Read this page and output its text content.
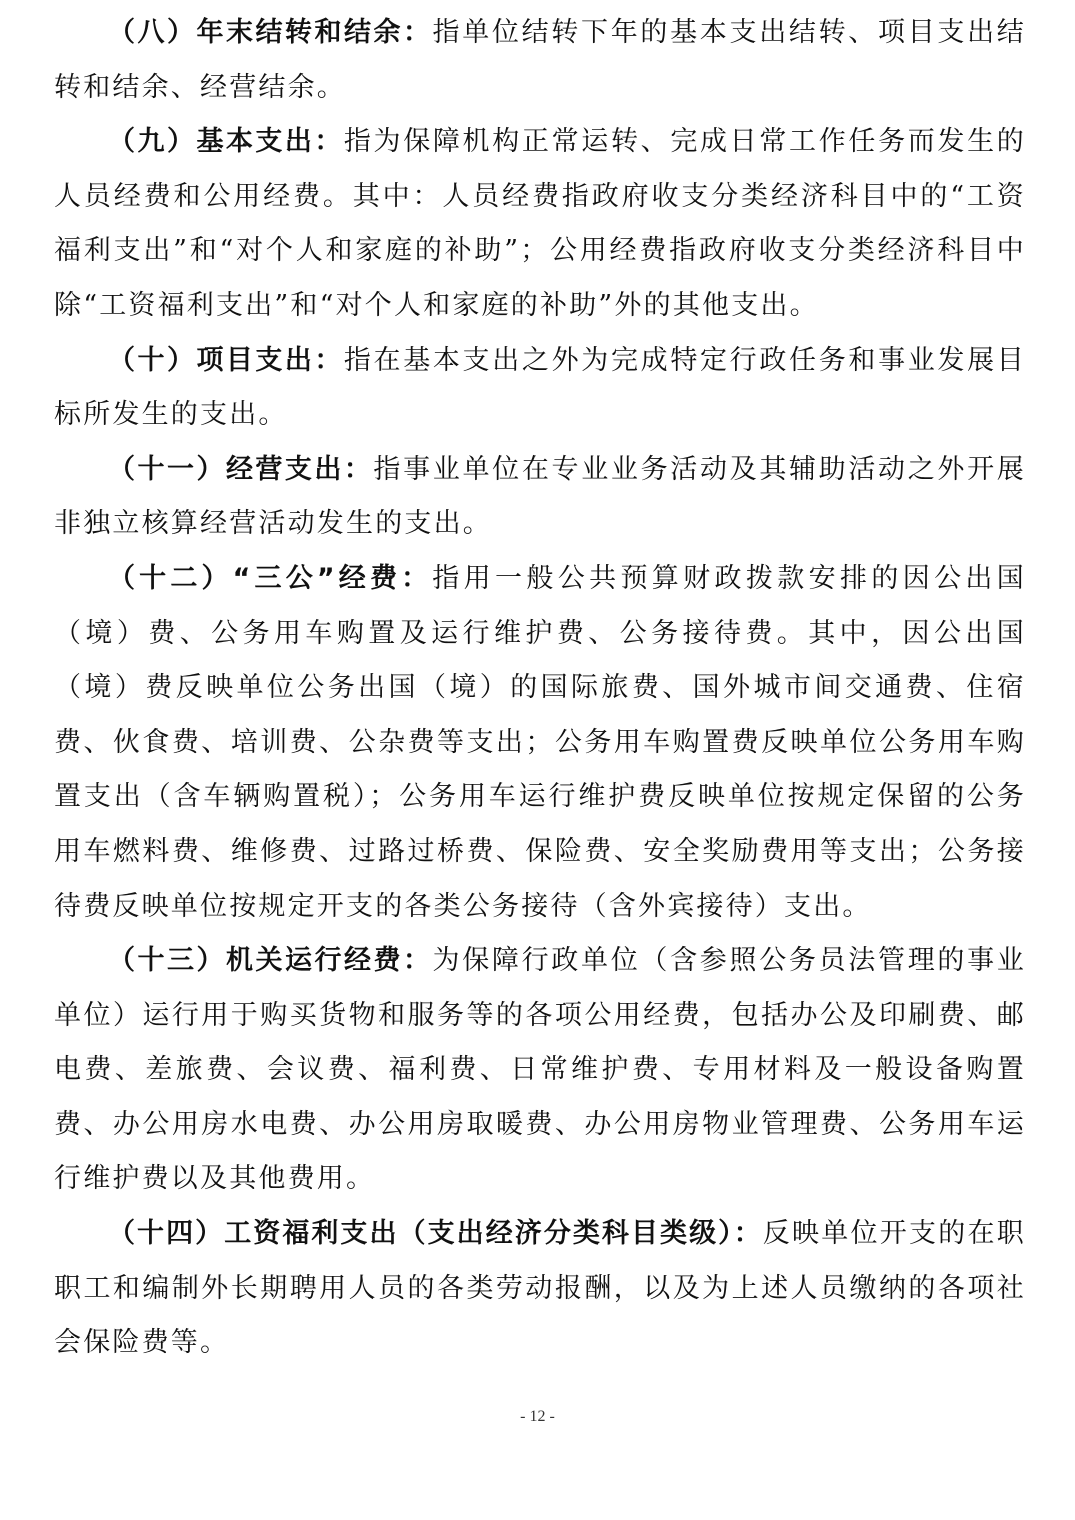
（八）年末结转和结余：指单位结转下年的基本支出结转、项目支出结转和结余、经营结余。

（九）基本支出：指为保障机构正常运转、完成日常工作任务而发生的人员经费和公用经费。其中：人员经费指政府收支分类经济科目中的“工资福利支出”和“对个人和家庭的补助”；公用经费指政府收支分类经济科目中除“工资福利支出”和“对个人和家庭的补助”外的其他支出。

（十）项目支出：指在基本支出之外为完成特定行政任务和事业发展目标所发生的支出。

（十一）经营支出：指事业单位在专业业务活动及其辅助活动之外开展非独立核算经营活动发生的支出。

（十二）“三公”经费：指用一般公共预算财政拨款安排的因公出国（境）费、公务用车购置及运行维护费、公务接待费。其中，因公出国（境）费反映单位公务出国（境）的国际旅费、国外城市间交通费、住宿费、伙食费、培训费、公杂费等支出；公务用车购置费反映单位公务用车购置支出（含车辆购置税）；公务用车运行维护费反映单位按规定保留的公务用车燃料费、维修费、过路过桥费、保险费、安全奖励费用等支出；公务接待费反映单位按规定开支的各类公务接待（含外宾接待）支出。

（十三）机关运行经费：为保障行政单位（含参照公务员法管理的事业单位）运行用于购买货物和服务等的各项公用经费，包括办公及印刷费、邮电费、差旅费、会议费、福利费、日常维护费、专用材料及一般设备购置费、办公用房水电费、办公用房取暖费、办公用房物业管理费、公务用车运行维护费以及其他费用。

（十四）工资福利支出（支出经济分类科目类级）：反映单位开支的在职职工和编制外长期聘用人员的各类劳动报酬，以及为上述人员缴纳的各项社会保险费等。

- 12 -
